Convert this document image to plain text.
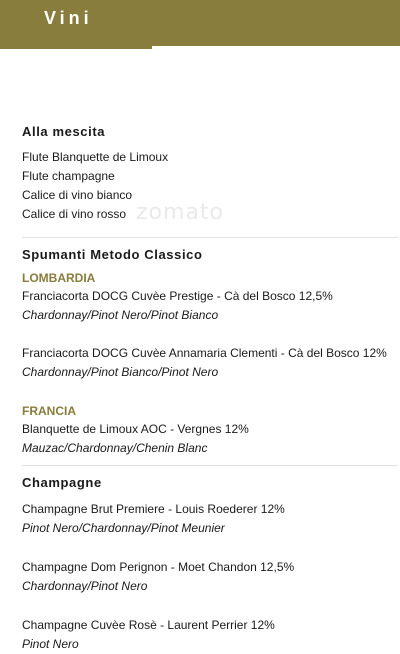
Vini
zomato
Alla mescita
Flute Blanquette de Limoux
Flute champagne
Calice di vino bianco
Calice di vino rosso
Spumanti Metodo Classico
LOMBARDIA
Franciacorta DOCG Cuvèe Prestige - Cà del Bosco 12,5%
Chardonnay/Pinot Nero/Pinot Bianco
Franciacorta DOCG Cuvèe Annamaria Clementi - Cà del Bosco 12%
Chardonnay/Pinot Bianco/Pinot Nero
FRANCIA
Blanquette de Limoux AOC - Vergnes 12%
Mauzac/Chardonnay/Chenin Blanc
Champagne
Champagne Brut Premiere - Louis Roederer 12%
Pinot Nero/Chardonnay/Pinot Meunier
Champagne Dom Perignon - Moet Chandon 12,5%
Chardonnay/Pinot Nero
Champagne Cuvèe Rosè - Laurent Perrier 12%
Pinot Nero
